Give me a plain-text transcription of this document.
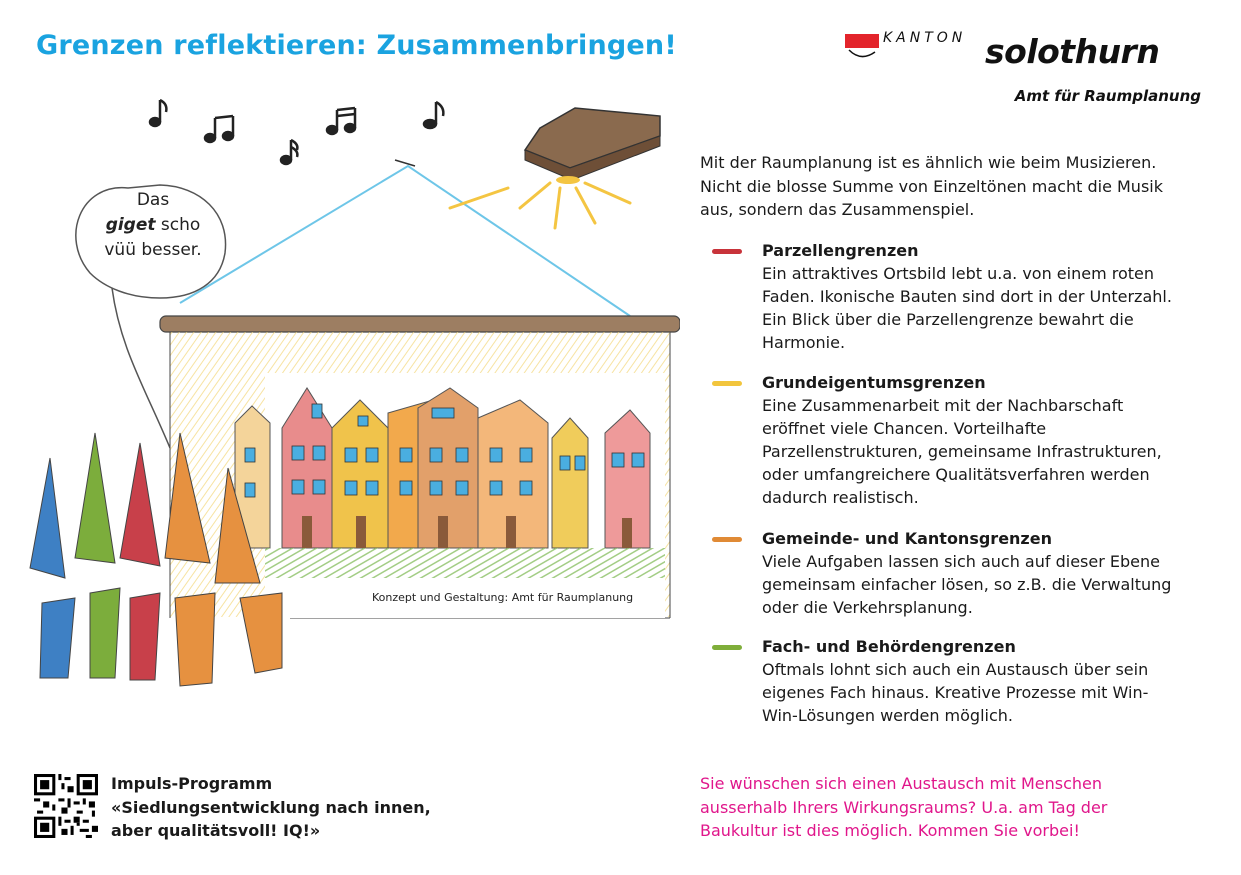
Grenzen reflektieren: Zusammenbringen!	KANTON solothurn
Amt für Raumplanung
Das
giget scho
vüü besser.
Konzept und Gestaltung: Amt für Raumplanung

Mit der Raumplanung ist es ähnlich wie beim Musizieren. Nicht die blosse Summe von Einzeltönen macht die Musik aus, sondern das Zusammenspiel.

Parzellengrenzen
Ein attraktives Ortsbild lebt u.a. von einem roten Faden. Ikonische Bauten sind dort in der Unterzahl. Ein Blick über die Parzellengrenze bewahrt die Harmonie.
Grundeigentumsgrenzen
Eine Zusammenarbeit mit der Nachbarschaft eröffnet viele Chancen. Vorteilhafte Parzellenstrukturen, gemeinsame Infrastrukturen, oder umfangreichere Qualitätsverfahren werden dadurch realistisch.
Gemeinde- und Kantonsgrenzen
Viele Aufgaben lassen sich auch auf dieser Ebene gemeinsam einfacher lösen, so z.B. die Verwaltung oder die Verkehrsplanung.
Fach- und Behördengrenzen
Oftmals lohnt sich auch ein Austausch über sein eigenes Fach hinaus. Kreative Prozesse mit Win-Win-Lösungen werden möglich.
Impuls-Programm
«Siedlungsentwicklung nach innen,
aber qualitätsvoll! IQ!»

Sie wünschen sich einen Austausch mit Menschen ausserhalb Ihrers Wirkungsraums? U.a. am Tag der Baukultur ist dies möglich. Kommen Sie vorbei!
